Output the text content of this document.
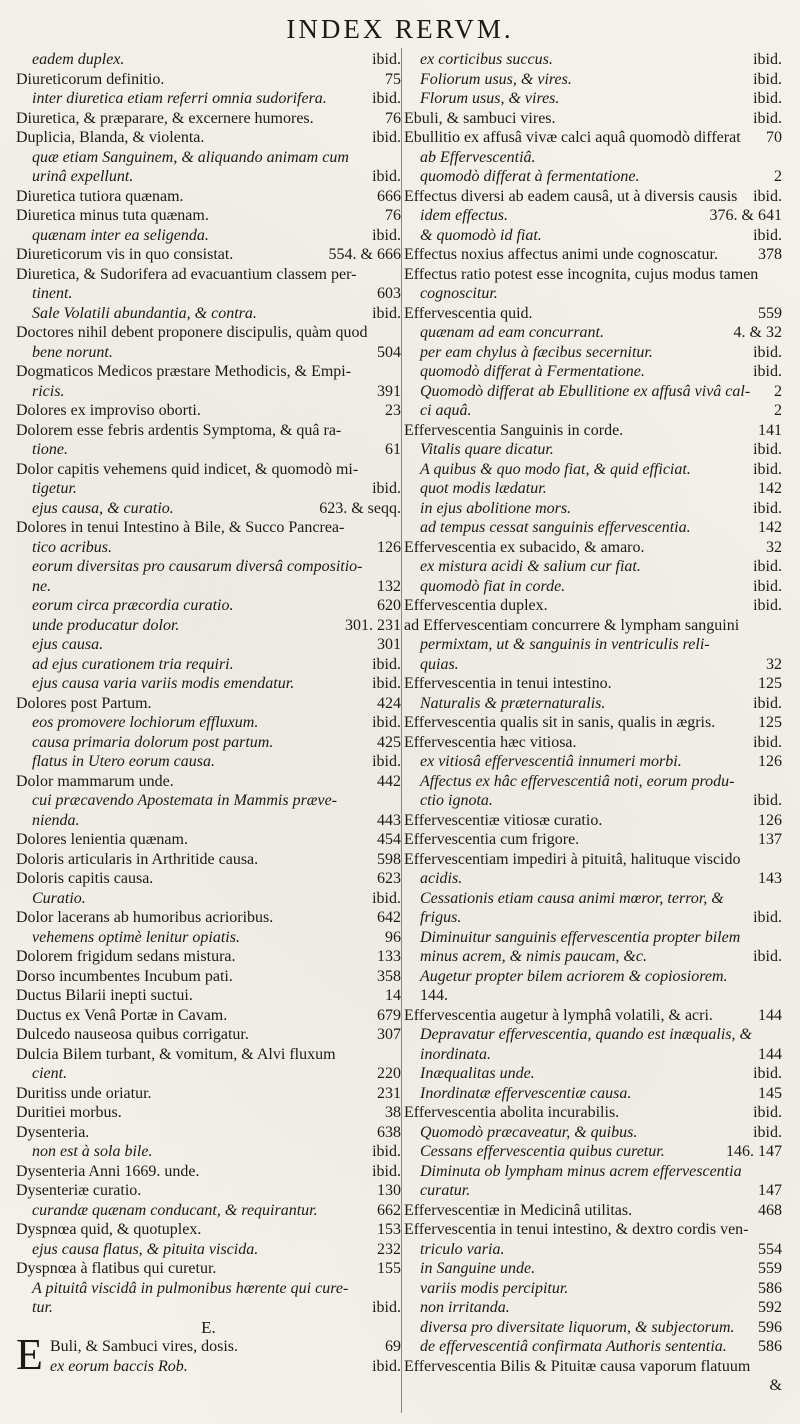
INDEX RERVM.
eadem duplex.	ibid.
Diureticorum definitio.	75
inter diuretica etiam referri omnia sudorifera.	ibid.
Diuretica, & præparare, & excernere humores.	76
Duplicia, Blanda, & violenta.	ibid.
quæ etiam Sanguinem, & aliquando animam cum
urinâ expellunt.	ibid.
Diuretica tutiora quænam.	666
Diuretica minus tuta quænam.	76
quænam inter ea seligenda.	ibid.
Diureticorum vis in quo consistat.	554. & 666
Diuretica, & Sudorifera ad evacuantium classem per-
tinent.	603
Sale Volatili abundantia, & contra.	ibid.
Doctores nihil debent proponere discipulis, quàm quod
bene norunt.	504
Dogmaticos Medicos præstare Methodicis, & Empi-
ricis.	391
Dolores ex improviso oborti.	23
Dolorem esse febris ardentis Symptoma, & quâ ra-
tione.	61
Dolor capitis vehemens quid indicet, & quomodò mi-
tigetur.	ibid.
ejus causa, & curatio.	623. & seqq.
Dolores in tenui Intestino à Bile, & Succo Pancrea-
tico acribus.	126
eorum diversitas pro causarum diversâ compositio-
ne.	132
eorum circa præcordia curatio.	620
unde producatur dolor.	301. 231
ejus causa.	301
ad ejus curationem tria requiri.	ibid.
ejus causa varia variis modis emendatur.	ibid.
Dolores post Partum.	424
eos promovere lochiorum effluxum.	ibid.
causa primaria dolorum post partum.	425
flatus in Utero eorum causa.	ibid.
Dolor mammarum unde.	442
cui præcavendo Apostemata in Mammis præve-
nienda.	443
Dolores lenientia quænam.	454
Doloris articularis in Arthritide causa.	598
Doloris capitis causa.	623
Curatio.	ibid.
Dolor lacerans ab humoribus acrioribus.	642
vehemens optimè lenitur opiatis.	96
Dolorem frigidum sedans mistura.	133
Dorso incumbentes Incubum pati.	358
Ductus Bilarii inepti suctui.	14
Ductus ex Venâ Portæ in Cavam.	679
Dulcedo nauseosa quibus corrigatur.	307
Dulcia Bilem turbant, & vomitum, & Alvi fluxum
cient.	220
Duritiss unde oriatur.	231
Duritiei morbus.	38
Dysenteria.	638
non est à sola bile.	ibid.
Dysenteria Anni 1669. unde.	ibid.
Dysenteriæ curatio.	130
curandæ quænam conducant, & requirantur.	662
Dyspnœa quid, & quotuplex.	153
ejus causa flatus, & pituita viscida.	232
Dyspnœa à flatibus qui curetur.	155
A pituitâ viscidâ in pulmonibus hærente qui cure-
tur.	ibid.
E.
E Buli, & Sambuci vires, dosis.	69
ex eorum baccis Rob.	ibid.
ex corticibus succus.	ibid.
Foliorum usus, & vires.	ibid.
Florum usus, & vires.	ibid.
Ebuli, & sambuci vires.	ibid.
Ebullitio ex affusâ vivæ calci aquâ quomodò differat 70
ab Effervescentiâ.
quomodò differat à fermentatione.	2
Effectus diversi ab eadem causâ, ut à diversis causis ibid.
idem effectus.	376. & 641
& quomodò id fiat.	ibid.
Effectus noxius affectus animi unde cognoscatur.	378
Effectus ratio potest esse incognita, cujus modus tamen
cognoscitur.
Effervescentia quid.	559
quænam ad eam concurrant.	4. & 32
per eam chylus à fæcibus secernitur.	ibid.
quomodò differat à Fermentatione.	ibid.
Quomodò differat ab Ebullitione ex affusâ vivâ cal- 2
ci aquâ.	2
Effervescentia Sanguinis in corde.	141
Vitalis quare dicatur.	ibid.
A quibus & quo modo fiat, & quid efficiat.	ibid.
quot modis lædatur.	142
in ejus abolitione mors.	ibid.
ad tempus cessat sanguinis effervescentia.	142
Effervescentia ex subacido, & amaro.	32
ex mistura acidi & salium cur fiat.	ibid.
quomodò fiat in corde.	ibid.
Effervescentia duplex.	ibid.
ad Effervescentiam concurrere & lympham sanguini
permixtam, ut & sanguinis in ventriculis reli-
quias.	32
Effervescentia in tenui intestino.	125
Naturalis & præternaturalis.	ibid.
Effervescentia qualis sit in sanis, qualis in ægris.	125
Effervescentia hæc vitiosa.	ibid.
ex vitiosâ effervescentiâ innumeri morbi.	126
Affectus ex hâc effervescentiâ noti, eorum produ-
ctio ignota.	ibid.
Effervescentiæ vitiosæ curatio.	126
Effervescentia cum frigore.	137
Effervescentiam impediri à pituitâ, halituque viscido
acidis.	143
Cessationis etiam causa animi mœror, terror, &
frigus.	ibid.
Diminuitur sanguinis effervescentia propter bilem
minus acrem, & nimis paucam, &c.	ibid.
Augetur propter bilem acriorem & copiosiorem.
144.
Effervescentia augetur à lymphâ volatili, & acri.	144
Depravatur effervescentia, quando est inæqualis, &
inordinata.	144
Inæqualitas unde.	ibid.
Inordinatæ effervescentiæ causa.	145
Effervescentia abolita incurabilis.	ibid.
Quomodò præcaveatur, & quibus.	ibid.
Cessans effervescentia quibus curetur.	146. 147
Diminuta ob lympham minus acrem effervescentia
curatur.	147
Effervescentiæ in Medicinâ utilitas.	468
Effervescentia in tenui intestino, & dextro cordis ven-
triculo varia.	554
in Sanguine unde.	559
variis modis percipitur.	586
non irritanda.	592
diversa pro diversitate liquorum, & subjectorum. 596
de effervescentiâ confirmata Authoris sententia. 586
Effervescentia Bilis & Pituitæ causa vaporum flatuum
&
